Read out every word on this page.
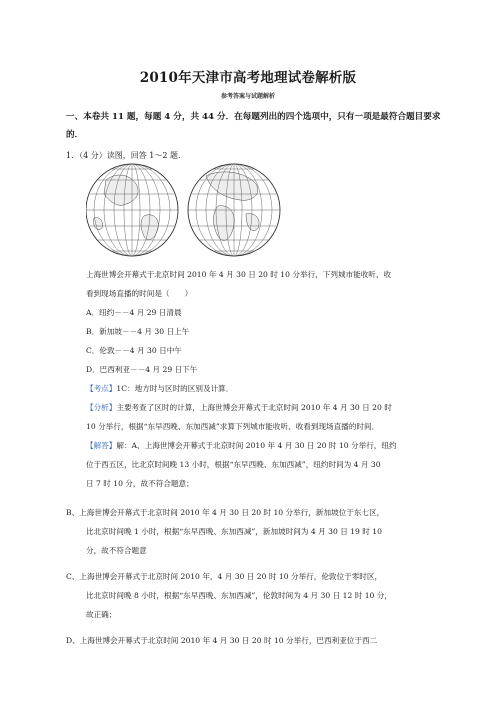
2010年天津市高考地理试卷解析版
参考答案与试题解析
一、本卷共 11 题，每题 4 分，共 44 分．在每题列出的四个选项中，只有一项是最符合题目要求的．
1．（4 分）读图，回答 1～2 题．
上海世博会开幕式于北京时间 2010 年 4 月 30 日 20 时 10 分举行，下列城市能收听、收
看到现场直播的时间是（　　）
A．纽约－－4 月 29 日清晨
B．新加坡－－4 月 30 日上午
C．伦敦－－4 月 30 日中午
D．巴西利亚－－4 月 29 日下午
【考点】1C：地方时与区时的区别及计算．
【分析】主要考查了区时的计算，上海世博会开幕式于北京时间 2010 年 4 月 30 日 20 时
10 分举行，根据“东早西晚、东加西减”求算下列城市能收听、收看到现场直播的时间．
【解答】解：A、上海世博会开幕式于北京时间 2010 年 4 月 30 日 20 时 10 分举行，纽约
位于西五区，比北京时间晚 13 小时，根据“东早西晚、东加西减”，纽约时间为 4 月 30
日 7 时 10 分，故不符合题意；
B、上海世博会开幕式于北京时间 2010 年 4 月 30 日 20 时 10 分举行，新加坡位于东七区，
比北京时间晚 1 小时，根据“东早西晚、东加西减”，新加坡时间为 4 月 30 日 19 时 10
分，故不符合题意
C、上海世博会开幕式于北京时间 2010 年，4 月 30 日 20 时 10 分举行，伦敦位于零时区，
比北京时间晚 8 小时，根据“东早西晚、东加西减”，伦敦时间为 4 月 30 日 12 时 10 分，
故正确；
D、上海世博会开幕式于北京时间 2010 年 4 月 30 日 20 时 10 分举行，巴西利亚位于西二
